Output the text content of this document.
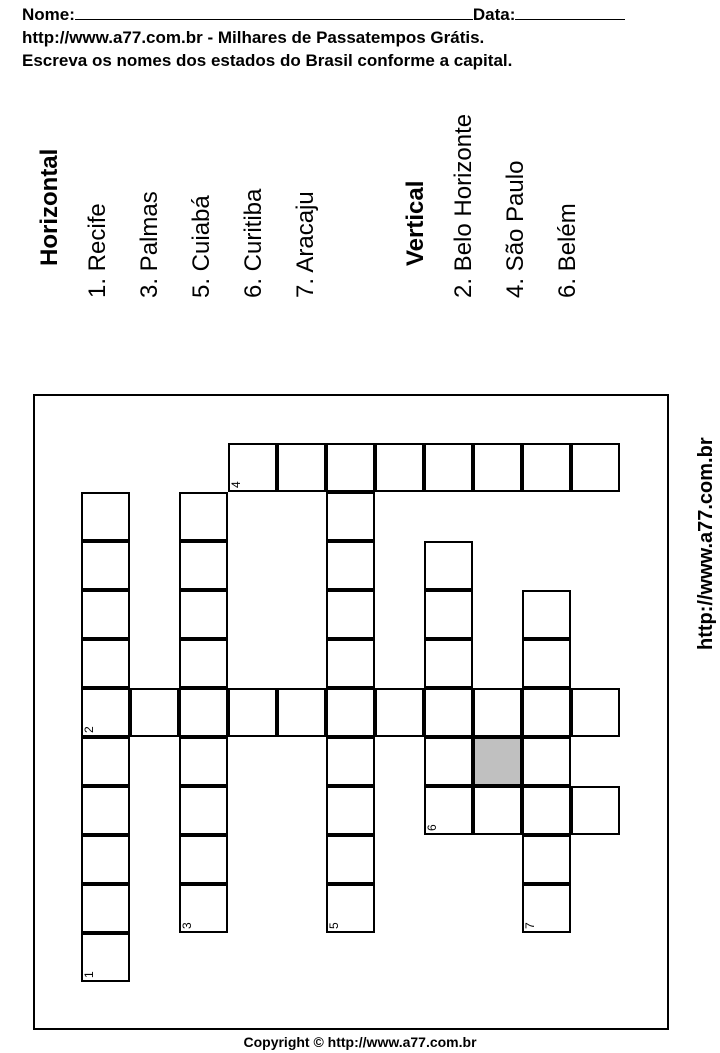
Nome:	Data:
http://www.a77.com.br - Milhares de Passatempos Grátis.
Escreva os nomes dos estados do Brasil conforme a capital.
Horizontal 1. Recife 3. Palmas 5. Cuiabá 6. Curitiba 7. Aracaju	Vertical 2. Belo Horizonte 4. São Paulo 6. Belém
http://www.a77.com.br
4
1
3	5
6
7
2
Copyright © http://www.a77.com.br
